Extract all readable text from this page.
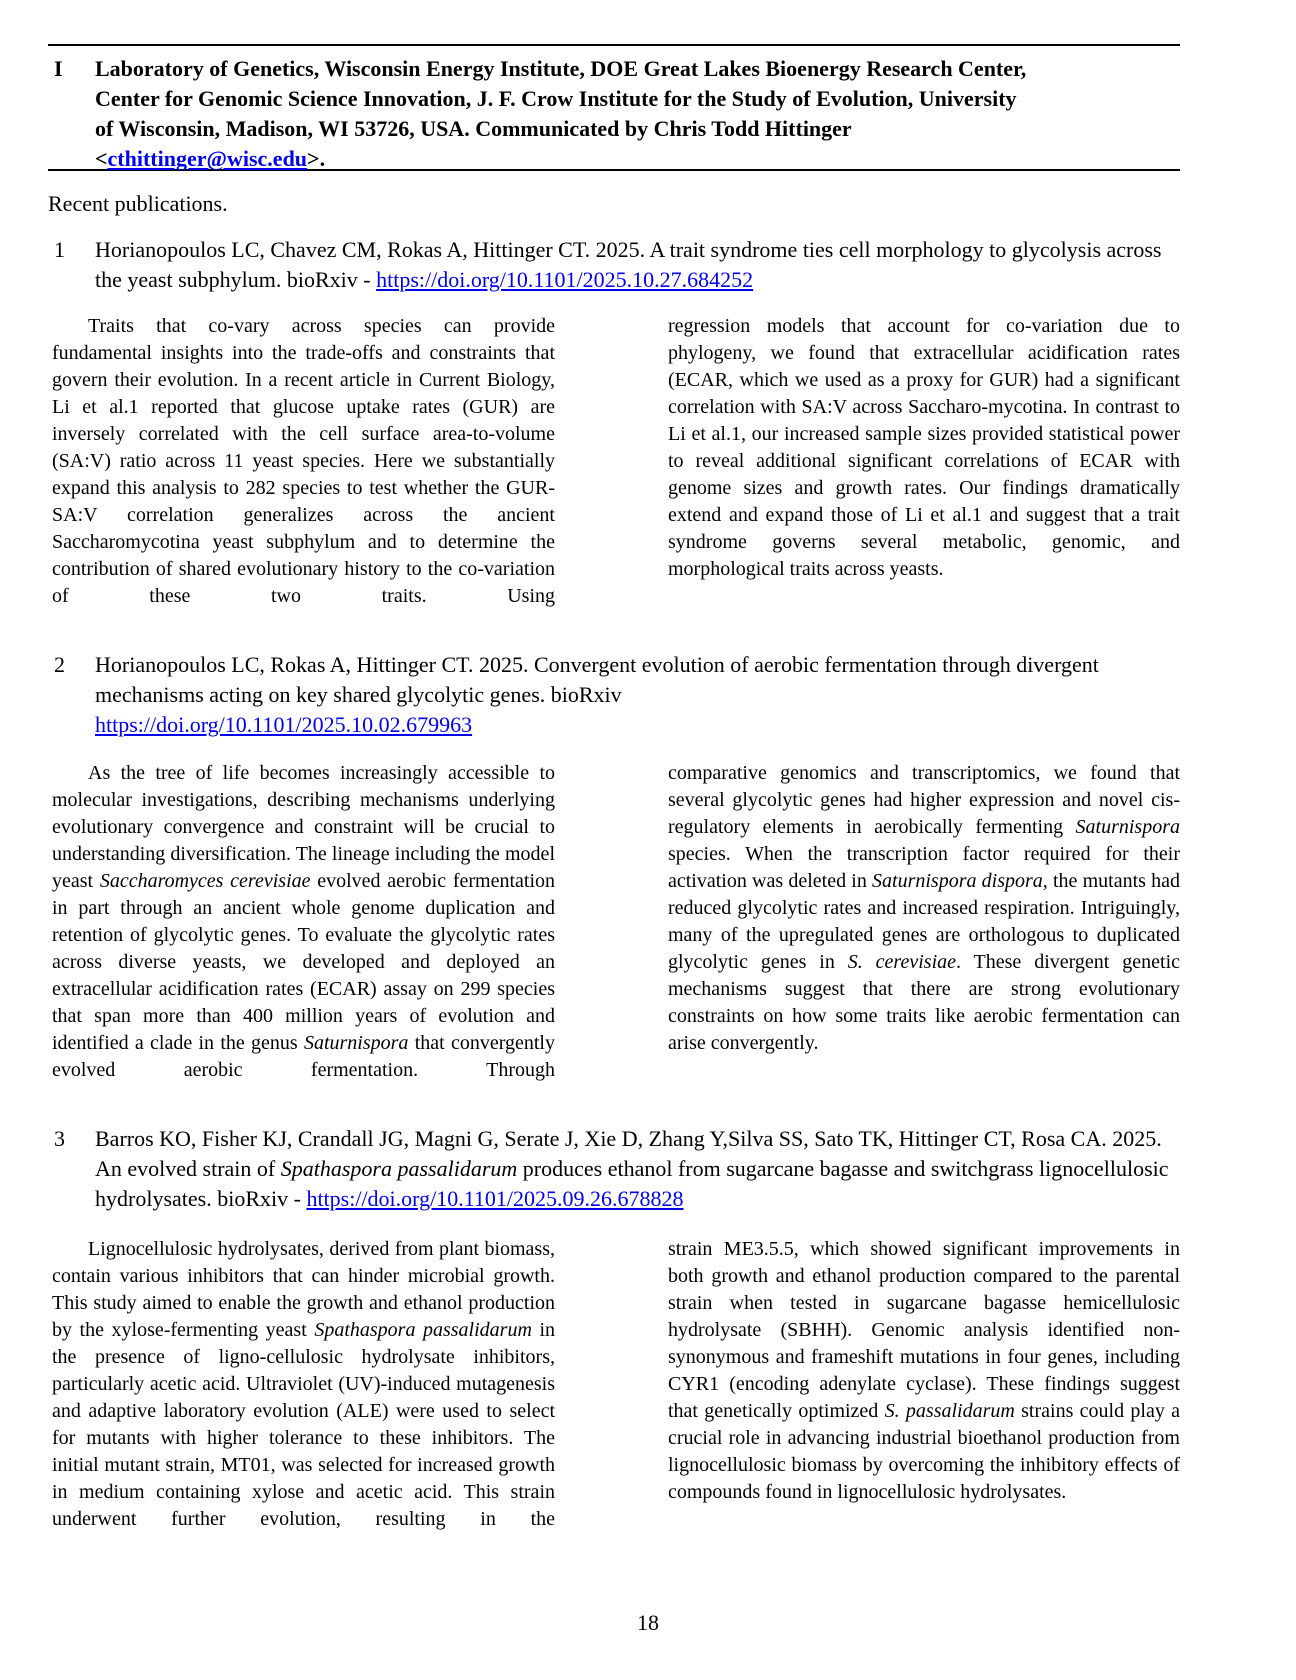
I Laboratory of Genetics, Wisconsin Energy Institute, DOE Great Lakes Bioenergy Research Center,
Center for Genomic Science Innovation, J. F. Crow Institute for the Study of Evolution, University
of Wisconsin, Madison, WI 53726, USA. Communicated by Chris Todd Hittinger
<cthittinger@wisc.edu>.

Recent publications.

1 Horianopoulos LC, Chavez CM, Rokas A, Hittinger CT. 2025. A trait syndrome ties cell morphology to glycolysis across the yeast subphylum. bioRxiv - https://doi.org/10.1101/2025.10.27.684252
Traits that co-vary across species can provide fundamental insights into the trade-offs and constraints that govern their evolution. In a recent article in Current Biology, Li et al.1 reported that glucose uptake rates (GUR) are inversely correlated with the cell surface area-to-volume (SA:V) ratio across 11 yeast species. Here we substantially expand this analysis to 282 species to test whether the GUR-SA:V correlation generalizes across the ancient Saccharomycotina yeast subphylum and to determine the contribution of shared evolutionary history to the co-variation of these two traits. Using
regression models that account for co-variation due to phylogeny, we found that extracellular acidification rates (ECAR, which we used as a proxy for GUR) had a significant correlation with SA:V across Saccharo-mycotina. In contrast to Li et al.1, our increased sample sizes provided statistical power to reveal additional significant correlations of ECAR with genome sizes and growth rates. Our findings dramatically extend and expand those of Li et al.1 and suggest that a trait syndrome governs several metabolic, genomic, and morphological traits across yeasts.
2 Horianopoulos LC, Rokas A, Hittinger CT. 2025. Convergent evolution of aerobic fermentation through divergent mechanisms acting on key shared glycolytic genes. bioRxiv
https://doi.org/10.1101/2025.10.02.679963
As the tree of life becomes increasingly accessible to molecular investigations, describing mechanisms underlying evolutionary convergence and constraint will be crucial to understanding diversification. The lineage including the model yeast Saccharomyces cerevisiae evolved aerobic fermentation in part through an ancient whole genome duplication and retention of glycolytic genes. To evaluate the glycolytic rates across diverse yeasts, we developed and deployed an extracellular acidification rates (ECAR) assay on 299 species that span more than 400 million years of evolution and identified a clade in the genus Saturnispora that convergently evolved aerobic fermentation. Through
comparative genomics and transcriptomics, we found that several glycolytic genes had higher expression and novel cis-regulatory elements in aerobically fermenting Saturnispora species. When the transcription factor required for their activation was deleted in Saturnispora dispora, the mutants had reduced glycolytic rates and increased respiration. Intriguingly, many of the upregulated genes are orthologous to duplicated glycolytic genes in S. cerevisiae. These divergent genetic mechanisms suggest that there are strong evolutionary constraints on how some traits like aerobic fermentation can arise convergently.
3 Barros KO, Fisher KJ, Crandall JG, Magni G, Serate J, Xie D, Zhang Y,Silva SS, Sato TK, Hittinger CT, Rosa CA. 2025. An evolved strain of Spathaspora passalidarum produces ethanol from sugarcane bagasse and switchgrass lignocellulosic hydrolysates. bioRxiv - https://doi.org/10.1101/2025.09.26.678828
Lignocellulosic hydrolysates, derived from plant biomass, contain various inhibitors that can hinder microbial growth. This study aimed to enable the growth and ethanol production by the xylose-fermenting yeast Spathaspora passalidarum in the presence of ligno-cellulosic hydrolysate inhibitors, particularly acetic acid. Ultraviolet (UV)-induced mutagenesis and adaptive laboratory evolution (ALE) were used to select for mutants with higher tolerance to these inhibitors. The initial mutant strain, MT01, was selected for increased growth in medium containing xylose and acetic acid. This strain underwent further evolution, resulting in the
strain ME3.5.5, which showed significant improvements in both growth and ethanol production compared to the parental strain when tested in sugarcane bagasse hemicellulosic hydrolysate (SBHH). Genomic analysis identified non-synonymous and frameshift mutations in four genes, including CYR1 (encoding adenylate cyclase). These findings suggest that genetically optimized S. passalidarum strains could play a crucial role in advancing industrial bioethanol production from lignocellulosic biomass by overcoming the inhibitory effects of compounds found in lignocellulosic hydrolysates.
18
